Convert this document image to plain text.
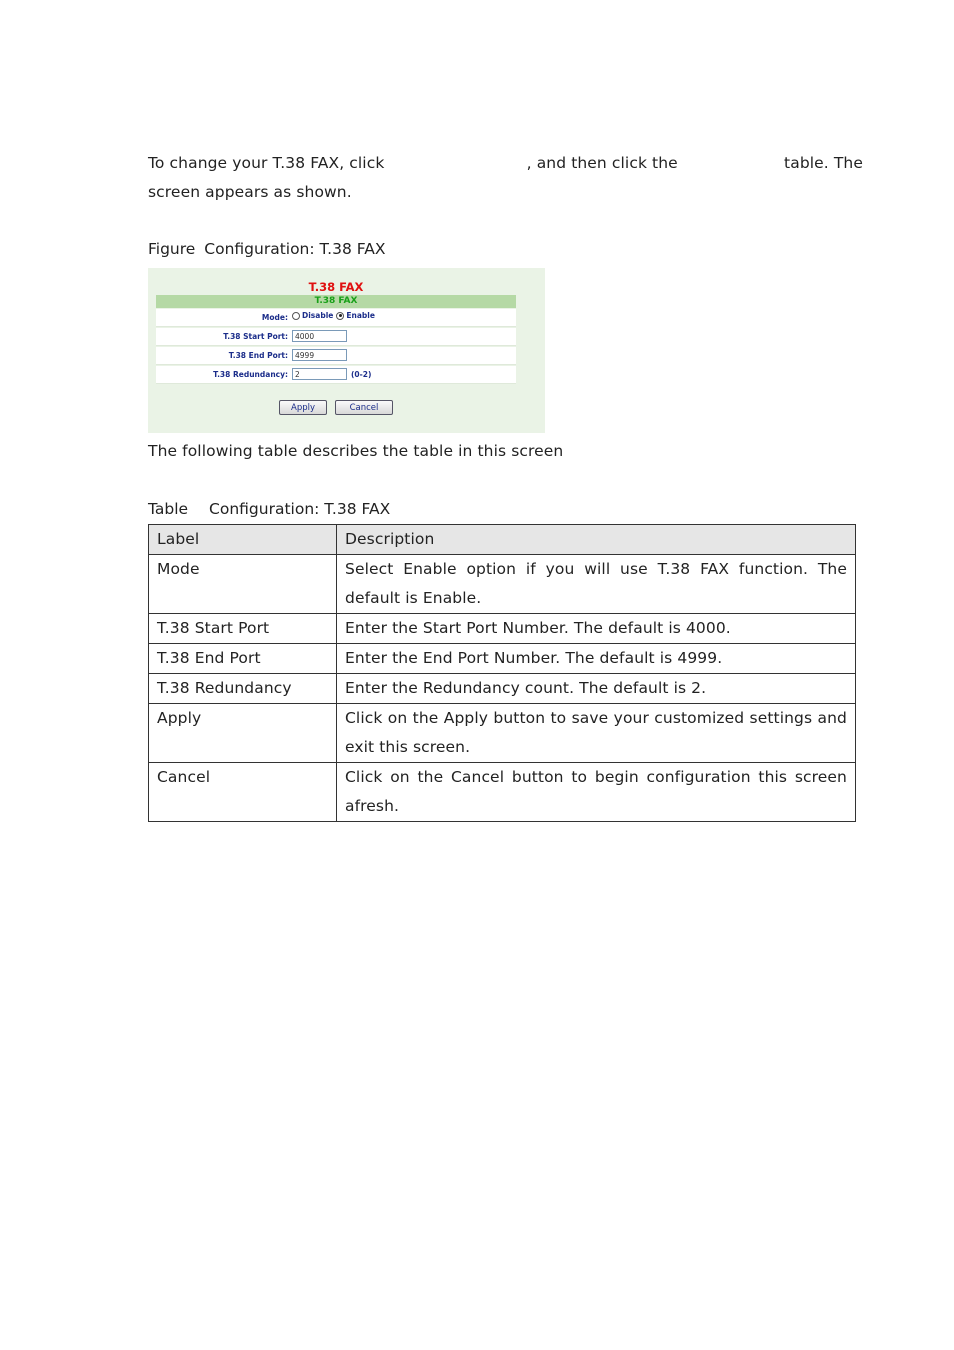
To change your T.38 FAX, click	, and then click the	table. The
screen appears as shown.
Figure Configuration: T.38 FAX
T.38 FAX
T.38 FAX
Mode: Disable Enable
T.38 Start Port: 4000
T.38 End Port: 4999
T.38 Redundancy: 2	(0-2)
Apply	Cancel
The following table describes the table in this screen
Table Configuration: T.38 FAX
Label	Description
Mode	Select Enable option if you will use T.38 FAX function. The default is Enable.
T.38 Start Port	Enter the Start Port Number. The default is 4000.
T.38 End Port	Enter the End Port Number. The default is 4999.
T.38 Redundancy	Enter the Redundancy count. The default is 2.
Apply	Click on the Apply button to save your customized settings and exit this screen.
Cancel	Click on the Cancel button to begin configuration this screen afresh.
